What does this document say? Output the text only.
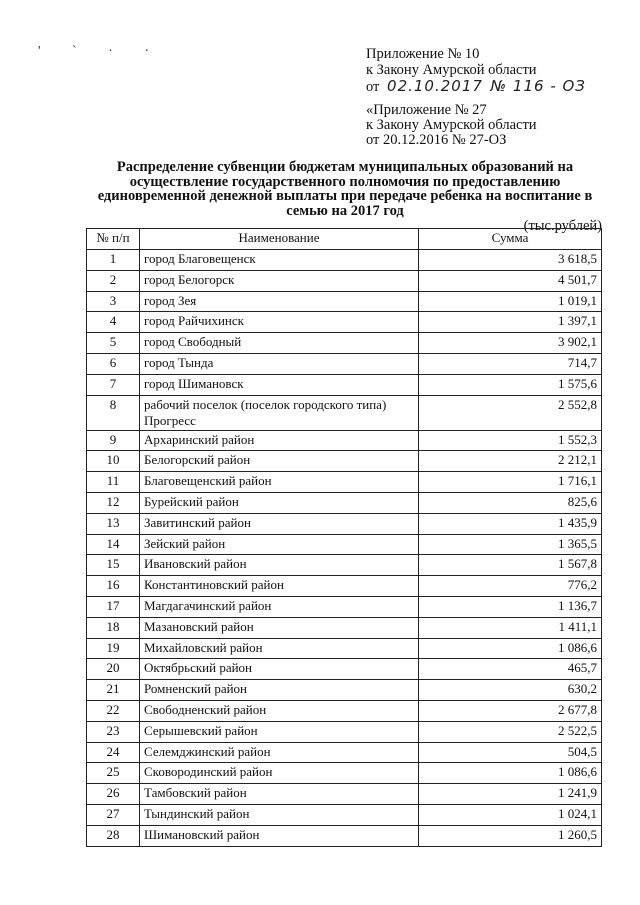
' ` · ·	Приложение № 10
к Закону Амурской области
от 02.10.2017 № 116 - ОЗ
«Приложение № 27
к Закону Амурской области
от 20.12.2016 № 27-ОЗ
Распределение субвенции бюджетам муниципальных образований на осуществление государственного полномочия по предоставлению единовременной денежной выплаты при передаче ребенка на воспитание в семью на 2017 год
(тыс.рублей)
№ п/п	Наименование	Сумма
1	город Благовещенск	3 618,5
2	город Белогорск	4 501,7
3	город Зея	1 019,1
4	город Райчихинск	1 397,1
5	город Свободный	3 902,1
6	город Тында	714,7
7	город Шимановск	1 575,6
8	рабочий поселок (поселок городского типа) Прогресс	2 552,8
9	Архаринский район	1 552,3
10	Белогорский район	2 212,1
11	Благовещенский район	1 716,1
12	Бурейский район	825,6
13	Завитинский район	1 435,9
14	Зейский район	1 365,5
15	Ивановский район	1 567,8
16	Константиновский район	776,2
17	Магдагачинский район	1 136,7
18	Мазановский район	1 411,1
19	Михайловский район	1 086,6
20	Октябрьский район	465,7
21	Ромненский район	630,2
22	Свободненский район	2 677,8
23	Серышевский район	2 522,5
24	Селемджинский район	504,5
25	Сковородинский район	1 086,6
26	Тамбовский район	1 241,9
27	Тындинский район	1 024,1
28	Шимановский район	1 260,5
